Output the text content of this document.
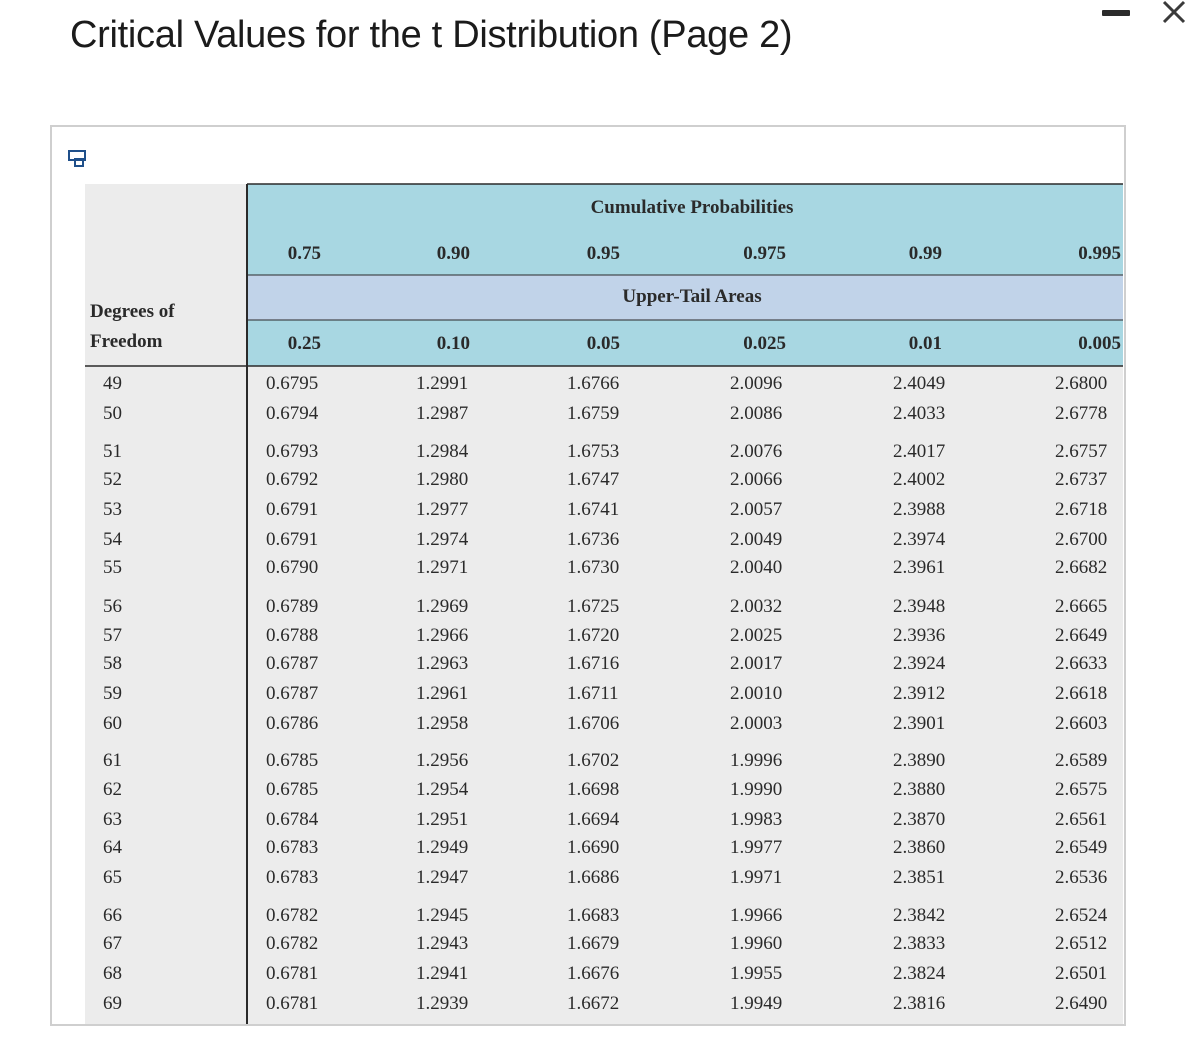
Critical Values for the t Distribution (Page 2)
Cumulative Probabilities
Upper-Tail Areas
Degrees of
Freedom
0.75	0.90	0.95	0.975	0.99	0.995
0.25	0.10	0.05	0.025	0.01	0.005
49	0.6795	1.2991	1.6766	2.0096	2.4049	2.6800
50	0.6794	1.2987	1.6759	2.0086	2.4033	2.6778
51	0.6793	1.2984	1.6753	2.0076	2.4017	2.6757
52	0.6792	1.2980	1.6747	2.0066	2.4002	2.6737
53	0.6791	1.2977	1.6741	2.0057	2.3988	2.6718
54	0.6791	1.2974	1.6736	2.0049	2.3974	2.6700
55	0.6790	1.2971	1.6730	2.0040	2.3961	2.6682
56	0.6789	1.2969	1.6725	2.0032	2.3948	2.6665
57	0.6788	1.2966	1.6720	2.0025	2.3936	2.6649
58	0.6787	1.2963	1.6716	2.0017	2.3924	2.6633
59	0.6787	1.2961	1.6711	2.0010	2.3912	2.6618
60	0.6786	1.2958	1.6706	2.0003	2.3901	2.6603
61	0.6785	1.2956	1.6702	1.9996	2.3890	2.6589
62	0.6785	1.2954	1.6698	1.9990	2.3880	2.6575
63	0.6784	1.2951	1.6694	1.9983	2.3870	2.6561
64	0.6783	1.2949	1.6690	1.9977	2.3860	2.6549
65	0.6783	1.2947	1.6686	1.9971	2.3851	2.6536
66	0.6782	1.2945	1.6683	1.9966	2.3842	2.6524
67	0.6782	1.2943	1.6679	1.9960	2.3833	2.6512
68	0.6781	1.2941	1.6676	1.9955	2.3824	2.6501
69	0.6781	1.2939	1.6672	1.9949	2.3816	2.6490
